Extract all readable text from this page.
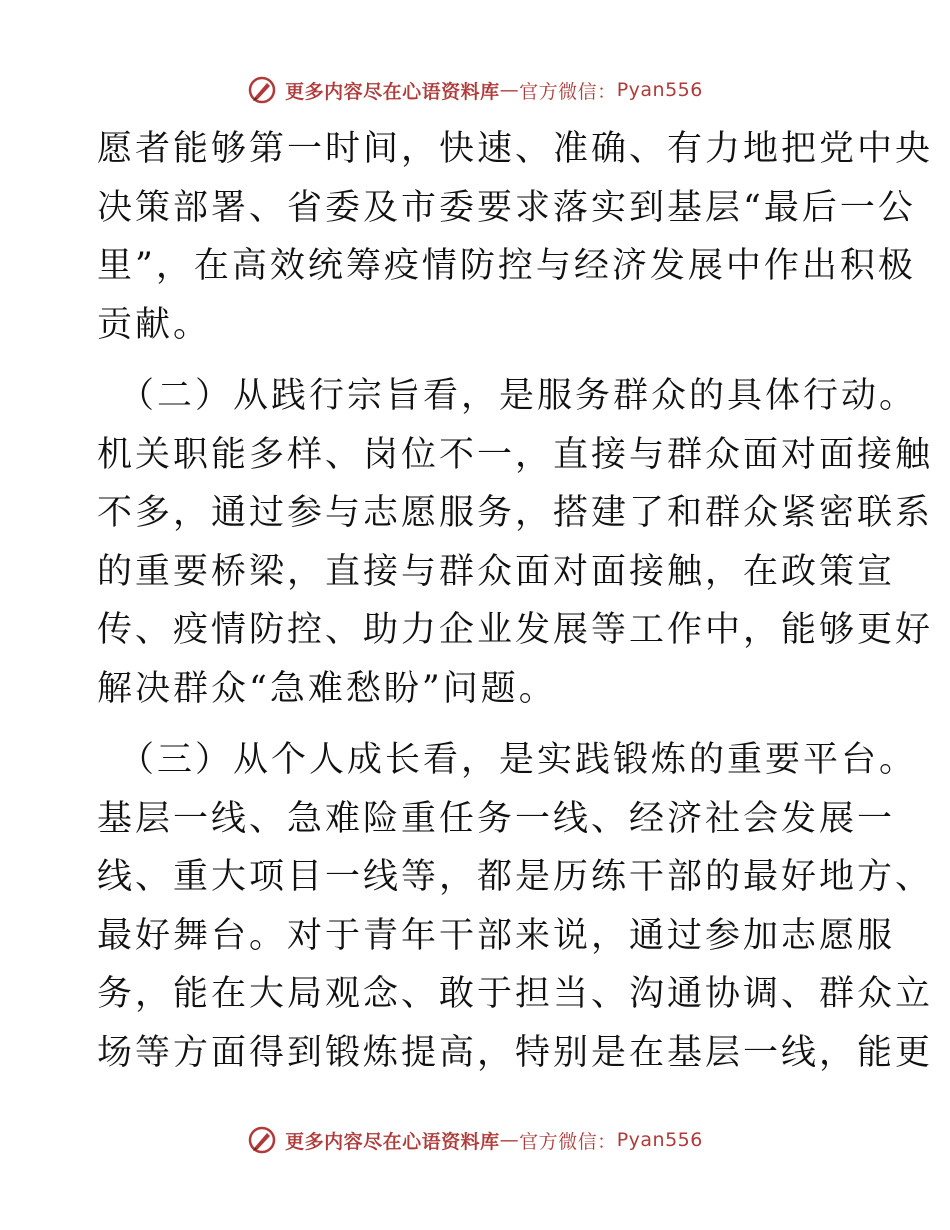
更多内容尽在心语资料库 — 官方微信： Pyan556
愿者能够第一时间，快速、准确、有力地把党中央
决策部署、省委及市委要求落实到基层“最后一公
里”，在高效统筹疫情防控与经济发展中作出积极
贡献。
（二）从践行宗旨看，是服务群众的具体行动。
机关职能多样、岗位不一，直接与群众面对面接触
不多，通过参与志愿服务，搭建了和群众紧密联系
的重要桥梁，直接与群众面对面接触，在政策宣
传、疫情防控、助力企业发展等工作中，能够更好
解决群众“急难愁盼”问题。
（三）从个人成长看，是实践锻炼的重要平台。
基层一线、急难险重任务一线、经济社会发展一
线、重大项目一线等，都是历练干部的最好地方、
最好舞台。对于青年干部来说，通过参加志愿服
务，能在大局观念、敢于担当、沟通协调、群众立
场等方面得到锻炼提高，特别是在基层一线，能更
更多内容尽在心语资料库 — 官方微信： Pyan556
